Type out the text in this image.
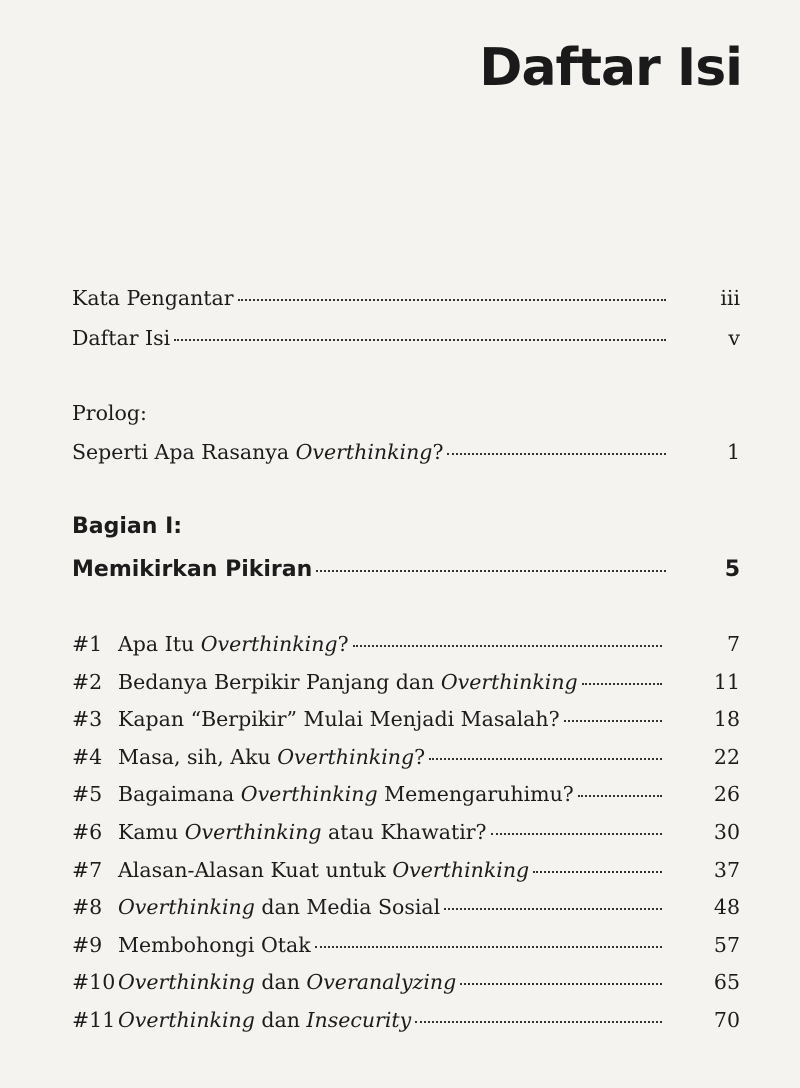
Daftar Isi
Kata Pengantar	iii
Daftar Isi	v
Prolog:
Seperti Apa Rasanya Overthinking?	1
Bagian I:
Memikirkan Pikiran	5
#1 Apa Itu Overthinking?	7
#2 Bedanya Berpikir Panjang dan Overthinking	11
#3 Kapan “Berpikir” Mulai Menjadi Masalah?	18
#4 Masa, sih, Aku Overthinking?	22
#5 Bagaimana Overthinking Memengaruhimu?	26
#6 Kamu Overthinking atau Khawatir?	30
#7 Alasan-Alasan Kuat untuk Overthinking	37
#8 Overthinking dan Media Sosial	48
#9 Membohongi Otak	57
#10 Overthinking dan Overanalyzing	65
#11 Overthinking dan Insecurity	70
